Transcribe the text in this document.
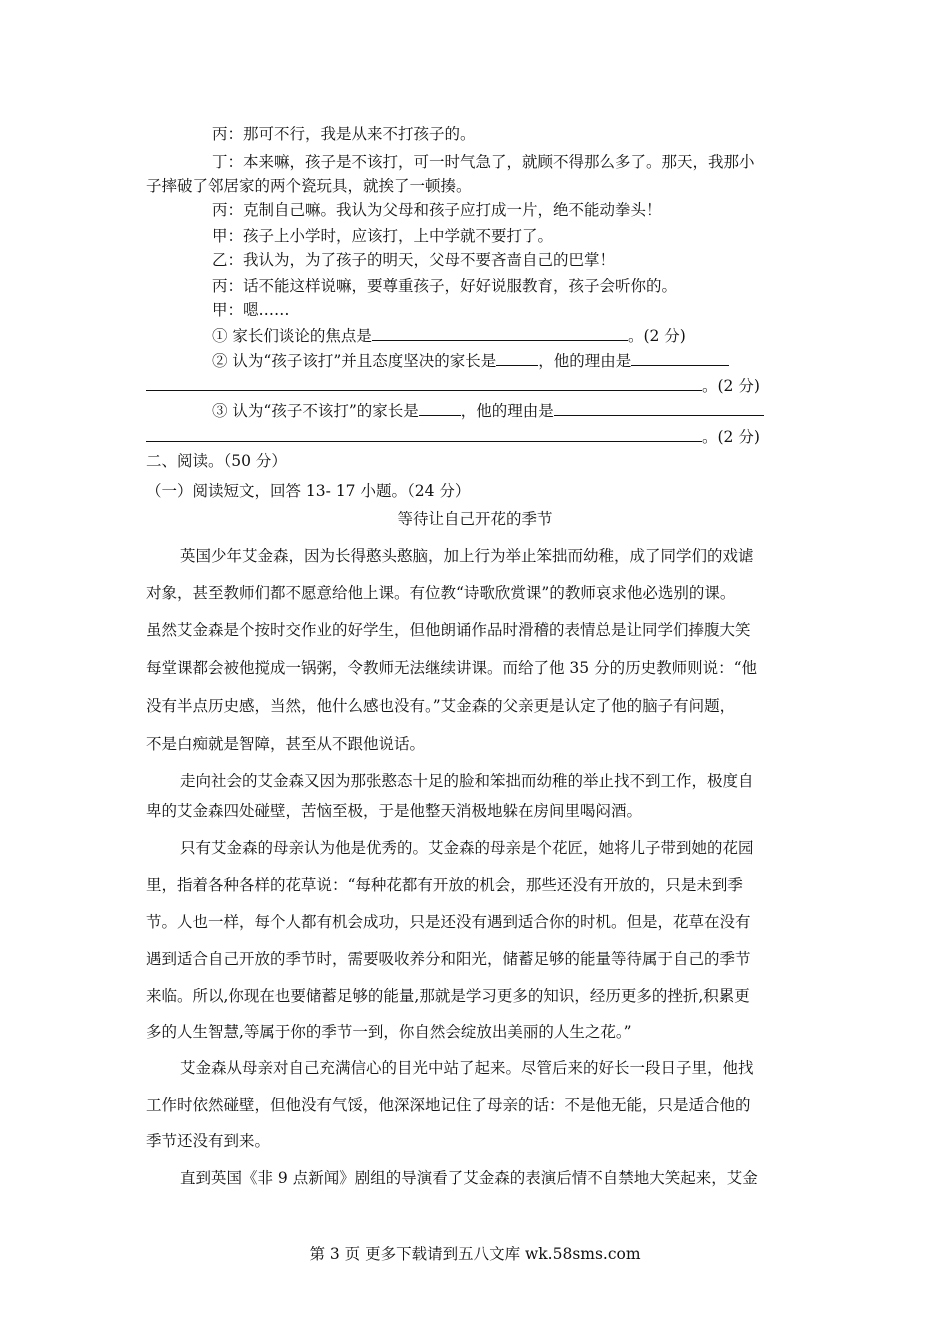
丙：那可不行，我是从来不打孩子的。
丁：本来嘛，孩子是不该打，可一时气急了，就顾不得那么多了。那天，我那小
子摔破了邻居家的两个瓷玩具，就挨了一顿揍。
丙：克制自己嘛。我认为父母和孩子应打成一片，绝不能动拳头！
甲：孩子上小学时，应该打，上中学就不要打了。
乙：我认为，为了孩子的明天，父母不要吝啬自己的巴掌！
丙：话不能这样说嘛，要尊重孩子，好好说服教育，孩子会听你的。
甲：嗯……
① 家长们谈论的焦点是	。(2 分)
② 认为“孩子该打”并且态度坚决的家长是	，他的理由是
。(2 分)
③ 认为“孩子不该打”的家长是	，他的理由是
。(2 分)
二、阅读。（50 分）
（一）阅读短文，回答 13- 17 小题。（24 分）
等待让自己开花的季节
英国少年艾金森，因为长得憨头憨脑，加上行为举止笨拙而幼稚，成了同学们的戏谑
对象，甚至教师们都不愿意给他上课。有位教“诗歌欣赏课”的教师哀求他必选别的课。
虽然艾金森是个按时交作业的好学生，但他朗诵作品时滑稽的表情总是让同学们捧腹大笑
每堂课都会被他搅成一锅粥，令教师无法继续讲课。而给了他 35 分的历史教师则说：“他
没有半点历史感，当然，他什么感也没有。”艾金森的父亲更是认定了他的脑子有问题，
不是白痴就是智障，甚至从不跟他说话。
走向社会的艾金森又因为那张憨态十足的脸和笨拙而幼稚的举止找不到工作，极度自
卑的艾金森四处碰壁，苦恼至极，于是他整天消极地躲在房间里喝闷酒。
只有艾金森的母亲认为他是优秀的。艾金森的母亲是个花匠，她将儿子带到她的花园
里，指着各种各样的花草说：“每种花都有开放的机会，那些还没有开放的，只是未到季
节。人也一样，每个人都有机会成功，只是还没有遇到适合你的时机。但是，花草在没有
遇到适合自己开放的季节时，需要吸收养分和阳光，储蓄足够的能量等待属于自己的季节
来临。所以,你现在也要储蓄足够的能量,那就是学习更多的知识，经历更多的挫折,积累更
多的人生智慧,等属于你的季节一到，你自然会绽放出美丽的人生之花。”
艾金森从母亲对自己充满信心的目光中站了起来。尽管后来的好长一段日子里，他找
工作时依然碰壁，但他没有气馁，他深深地记住了母亲的话：不是他无能，只是适合他的
季节还没有到来。
直到英国《非 9 点新闻》剧组的导演看了艾金森的表演后情不自禁地大笑起来，艾金
第 3 页 更多下载请到五八文库 wk.58sms.com
